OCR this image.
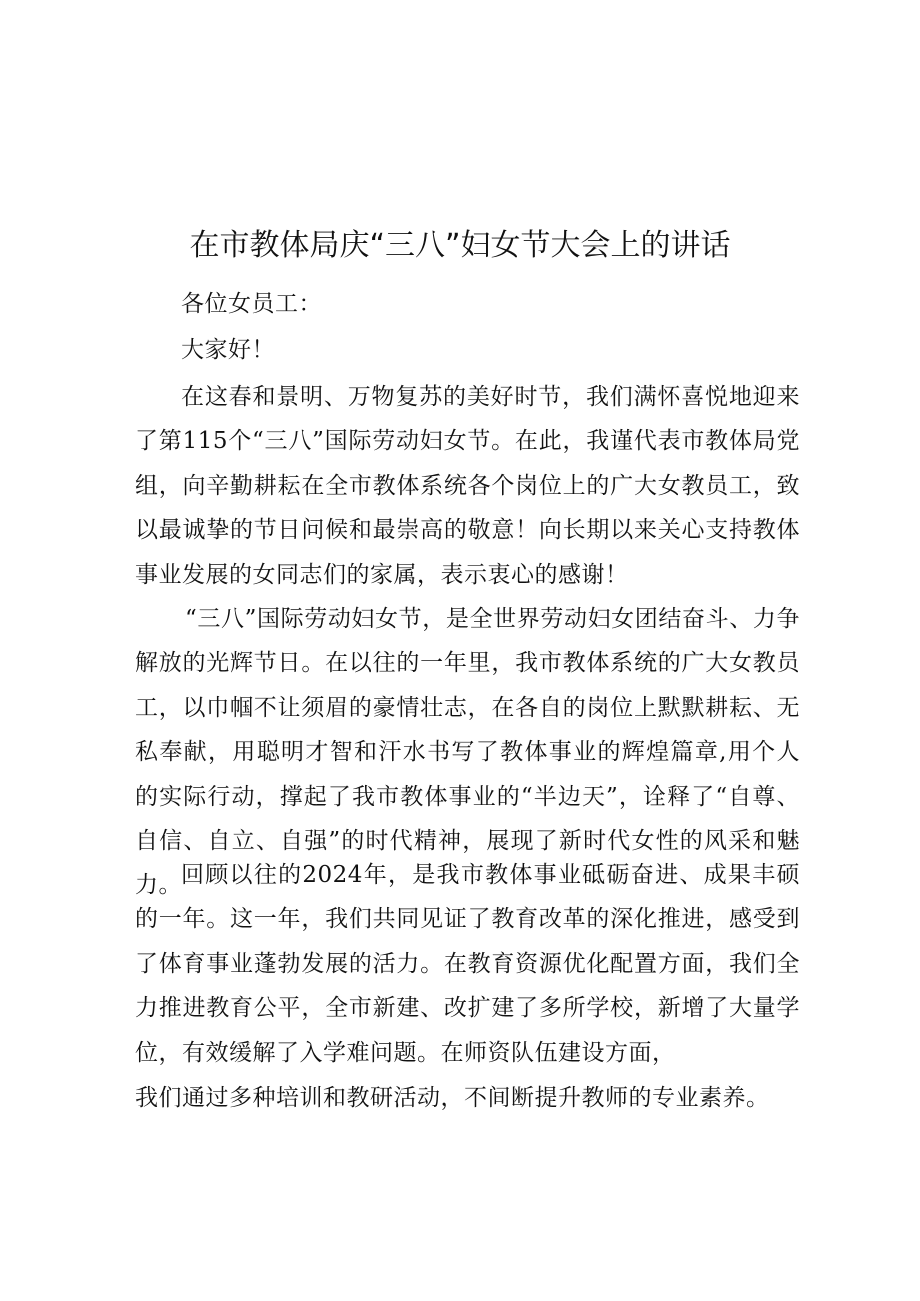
在市教体局庆“三八”妇女节大会上的讲话

各位女员工：

大家好！

在这春和景明、万物复苏的美好时节，我们满怀喜悦地迎来了第115个“三八”国际劳动妇女节。在此，我谨代表市教体局党组，向辛勤耕耘在全市教体系统各个岗位上的广大女教员工，致以最诚挚的节日问候和最崇高的敬意！向长期以来关心支持教体事业发展的女同志们的家属，表示衷心的感谢！

“三八”国际劳动妇女节，是全世界劳动妇女团结奋斗、力争解放的光辉节日。在以往的一年里，我市教体系统的广大女教员工，以巾帼不让须眉的豪情壮志，在各自的岗位上默默耕耘、无私奉献，用聪明才智和汗水书写了教体事业的辉煌篇章,用个人的实际行动，撑起了我市教体事业的“半边天”，诠释了“自尊、自信、自立、自强”的时代精神，展现了新时代女性的风采和魅力。 回顾以往的2024年，是我市教体事业砥砺奋进、成果丰硕的一年。这一年，我们共同见证了教育改革的深化推进，感受到了体育事业蓬勃发展的活力。在教育资源优化配置方面，我们全力推进教育公平，全市新建、改扩建了多所学校，新增了大量学位，有效缓解了入学难问题。在师资队伍建设方面，

我们通过多种培训和教研活动，不间断提升教师的专业素养。
